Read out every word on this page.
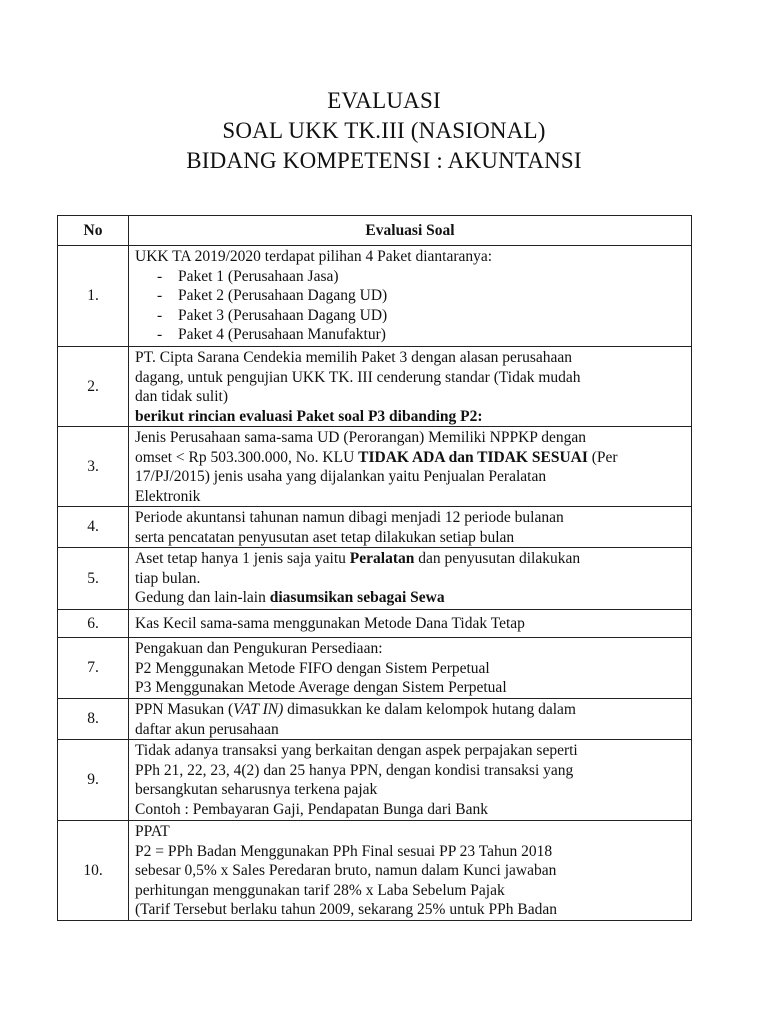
EVALUASI
SOAL UKK TK.III (NASIONAL)
BIDANG KOMPETENSI : AKUNTANSI
No	Evaluasi Soal
1.	UKK TA 2019/2020 terdapat pilihan 4 Paket diantaranya:
- Paket 1 (Perusahaan Jasa)
- Paket 2 (Perusahaan Dagang UD)
- Paket 3 (Perusahaan Dagang UD)
- Paket 4 (Perusahaan Manufaktur)

2.	PT. Cipta Sarana Cendekia memilih Paket 3 dengan alasan perusahaan
dagang, untuk pengujian UKK TK. III cenderung standar (Tidak mudah
dan tidak sulit)
berikut rincian evaluasi Paket soal P3 dibanding P2:

3.	Jenis Perusahaan sama-sama UD (Perorangan) Memiliki NPPKP dengan
omset < Rp 503.300.000, No. KLU TIDAK ADA dan TIDAK SESUAI (Per
17/PJ/2015) jenis usaha yang dijalankan yaitu Penjualan Peralatan
Elektronik

4.	Periode akuntansi tahunan namun dibagi menjadi 12 periode bulanan
serta pencatatan penyusutan aset tetap dilakukan setiap bulan

5.	Aset tetap hanya 1 jenis saja yaitu Peralatan dan penyusutan dilakukan
tiap bulan.
Gedung dan lain-lain diasumsikan sebagai Sewa

6.	Kas Kecil sama-sama menggunakan Metode Dana Tidak Tetap

7.	Pengakuan dan Pengukuran Persediaan:
P2 Menggunakan Metode FIFO dengan Sistem Perpetual
P3 Menggunakan Metode Average dengan Sistem Perpetual

8.	PPN Masukan (VAT IN) dimasukkan ke dalam kelompok hutang dalam
daftar akun perusahaan

9.	Tidak adanya transaksi yang berkaitan dengan aspek perpajakan seperti
PPh 21, 22, 23, 4(2) dan 25 hanya PPN, dengan kondisi transaksi yang
bersangkutan seharusnya terkena pajak
Contoh : Pembayaran Gaji, Pendapatan Bunga dari Bank

10.	PPAT
P2 = PPh Badan Menggunakan PPh Final sesuai PP 23 Tahun 2018
sebesar 0,5% x Sales Peredaran bruto, namun dalam Kunci jawaban
perhitungan menggunakan tarif 28% x Laba Sebelum Pajak
(Tarif Tersebut berlaku tahun 2009, sekarang 25% untuk PPh Badan
